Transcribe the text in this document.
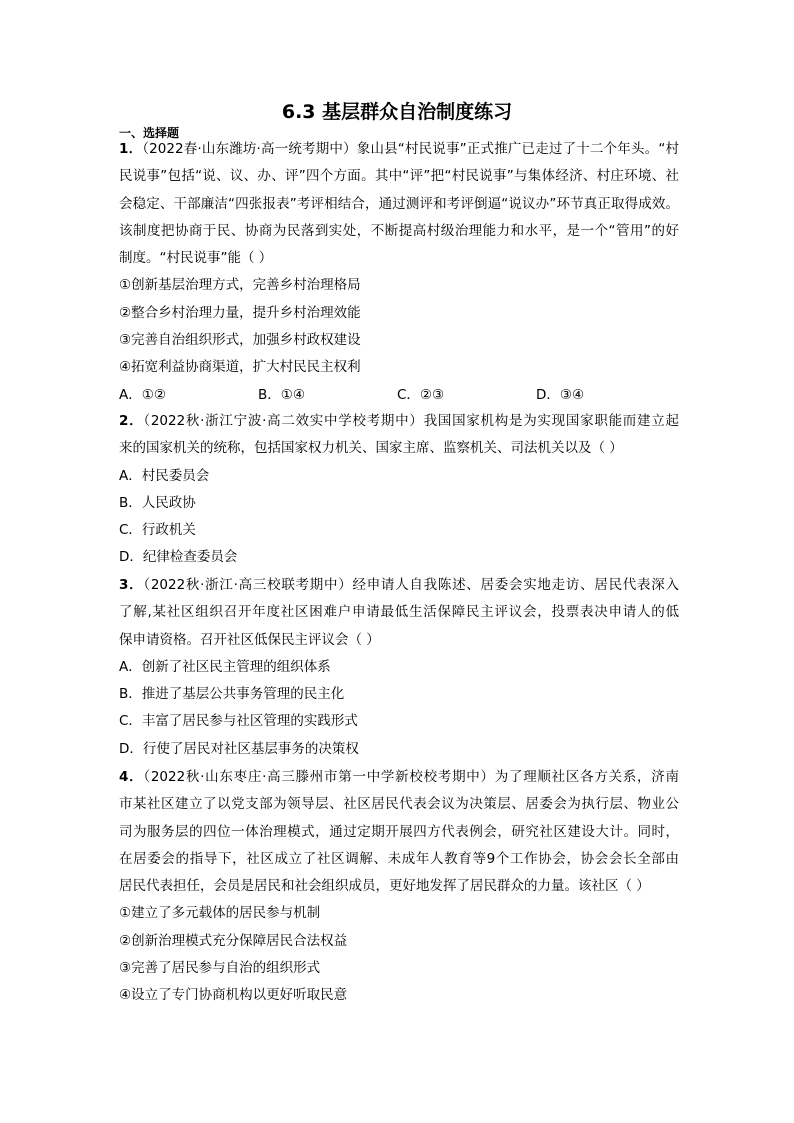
6.3 基层群众自治制度练习
一、选择题
1．（2022春·山东潍坊·高一统考期中）象山县“村民说事”正式推广已走过了十二个年头。“村
民说事”包括“说、议、办、评”四个方面。其中“评”把“村民说事”与集体经济、村庄环境、社
会稳定、干部廉洁“四张报表”考评相结合，通过测评和考评倒逼“说议办”环节真正取得成效。
该制度把协商于民、协商为民落到实处，不断提高村级治理能力和水平，是一个“管用”的好
制度。“村民说事”能（ ）
①创新基层治理方式，完善乡村治理格局
②整合乡村治理力量，提升乡村治理效能
③完善自治组织形式，加强乡村政权建设
④拓宽利益协商渠道，扩大村民民主权利
A．①②	B．①④	C．②③	D．③④
2．（2022秋·浙江宁波·高二效实中学校考期中）我国国家机构是为实现国家职能而建立起
来的国家机关的统称，包括国家权力机关、国家主席、监察机关、司法机关以及（ ）
A．村民委员会
B．人民政协
C．行政机关
D．纪律检查委员会
3．（2022秋·浙江·高三校联考期中）经申请人自我陈述、居委会实地走访、居民代表深入
了解,某社区组织召开年度社区困难户申请最低生活保障民主评议会，投票表决申请人的低
保申请资格。召开社区低保民主评议会（ ）
A．创新了社区民主管理的组织体系
B．推进了基层公共事务管理的民主化
C．丰富了居民参与社区管理的实践形式
D．行使了居民对社区基层事务的决策权
4．（2022秋·山东枣庄·高三滕州市第一中学新校校考期中）为了理顺社区各方关系，济南
市某社区建立了以党支部为领导层、社区居民代表会议为决策层、居委会为执行层、物业公
司为服务层的四位一体治理模式，通过定期开展四方代表例会，研究社区建设大计。同时，
在居委会的指导下，社区成立了社区调解、未成年人教育等9个工作协会，协会会长全部由
居民代表担任，会员是居民和社会组织成员，更好地发挥了居民群众的力量。该社区（ ）
①建立了多元载体的居民参与机制
②创新治理模式充分保障居民合法权益
③完善了居民参与自治的组织形式
④设立了专门协商机构以更好听取民意
